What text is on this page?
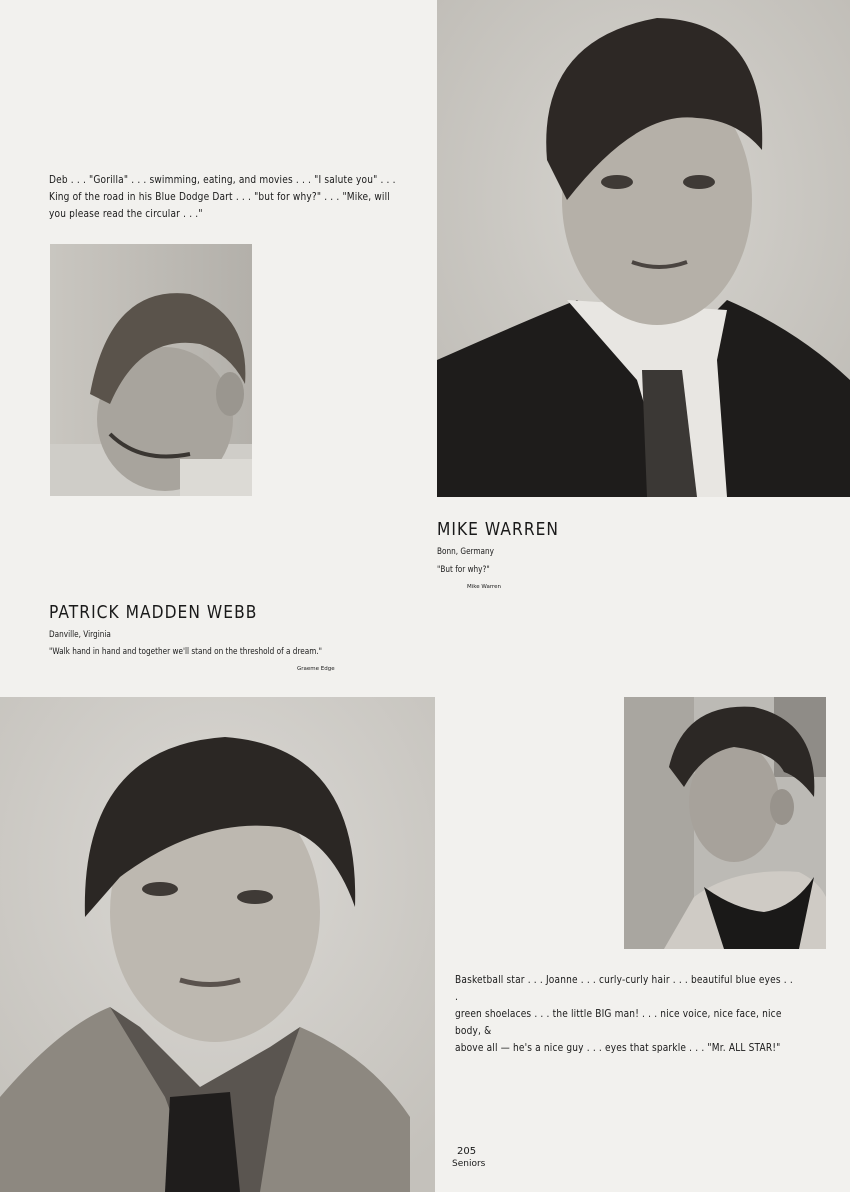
Deb . . . "Gorilla" . . . swimming, eating, and movies . . . "I salute you" . . .
King of the road in his Blue Dodge Dart . . . "but for why?" . . . "Mike, will
you please read the circular . . ."
MIKE WARREN
Bonn, Germany
"But for why?"
Mike Warren
PATRICK MADDEN WEBB
Danville, Virginia
"Walk hand in hand and together we'll stand on the threshold of a dream."
Graeme Edge
Basketball star . . . Joanne . . . curly-curly hair . . . beautiful blue eyes . . .
green shoelaces . . . the little BIG man! . . . nice voice, nice face, nice body, &
above all — he's a nice guy . . . eyes that sparkle . . . "Mr. ALL STAR!"
205
Seniors
